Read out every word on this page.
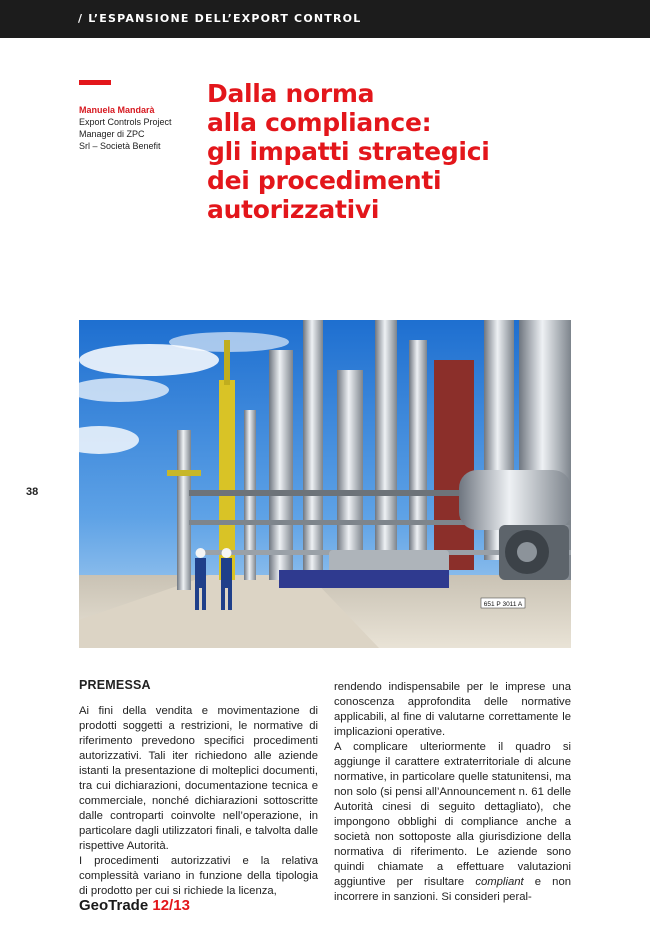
/ L’ESPANSIONE DELL’EXPORT CONTROL
Manuela Mandarà
Export Controls Project
Manager di ZPC
Srl – Società Benefit
Dalla norma
alla compliance:
gli impatti strategici
dei procedimenti
autorizzativi
651 P 3011 A
38
PREMESSA

Ai fini della vendita e movimentazione di prodotti soggetti a restrizioni, le normative di riferimento prevedono specifici procedimenti autorizzativi. Tali iter richiedono alle aziende istanti la presentazione di molteplici documenti, tra cui dichiarazioni, documentazione tecnica e commerciale, nonché dichiarazioni sottoscritte dalle controparti coinvolte nell’operazione, in particolare dagli utilizzatori finali, e talvolta dalle rispettive Autorità.

I procedimenti autorizzativi e la relativa complessità variano in funzione della tipologia di prodotto per cui si richiede la licenza,

rendendo indispensabile per le imprese una conoscenza approfondita delle normative applicabili, al fine di valutarne correttamente le implicazioni operative.

A complicare ulteriormente il quadro si aggiunge il carattere extraterritoriale di alcune normative, in particolare quelle statunitensi, ma non solo (si pensi all’Announcement n. 61 delle Autorità cinesi di seguito dettagliato), che impongono obblighi di compliance anche a società non sottoposte alla giurisdizione della normativa di riferimento. Le aziende sono quindi chiamate a effettuare valutazioni aggiuntive per risultare compliant e non incorrere in sanzioni. Si consideri peral-

GeoTrade 12/13
